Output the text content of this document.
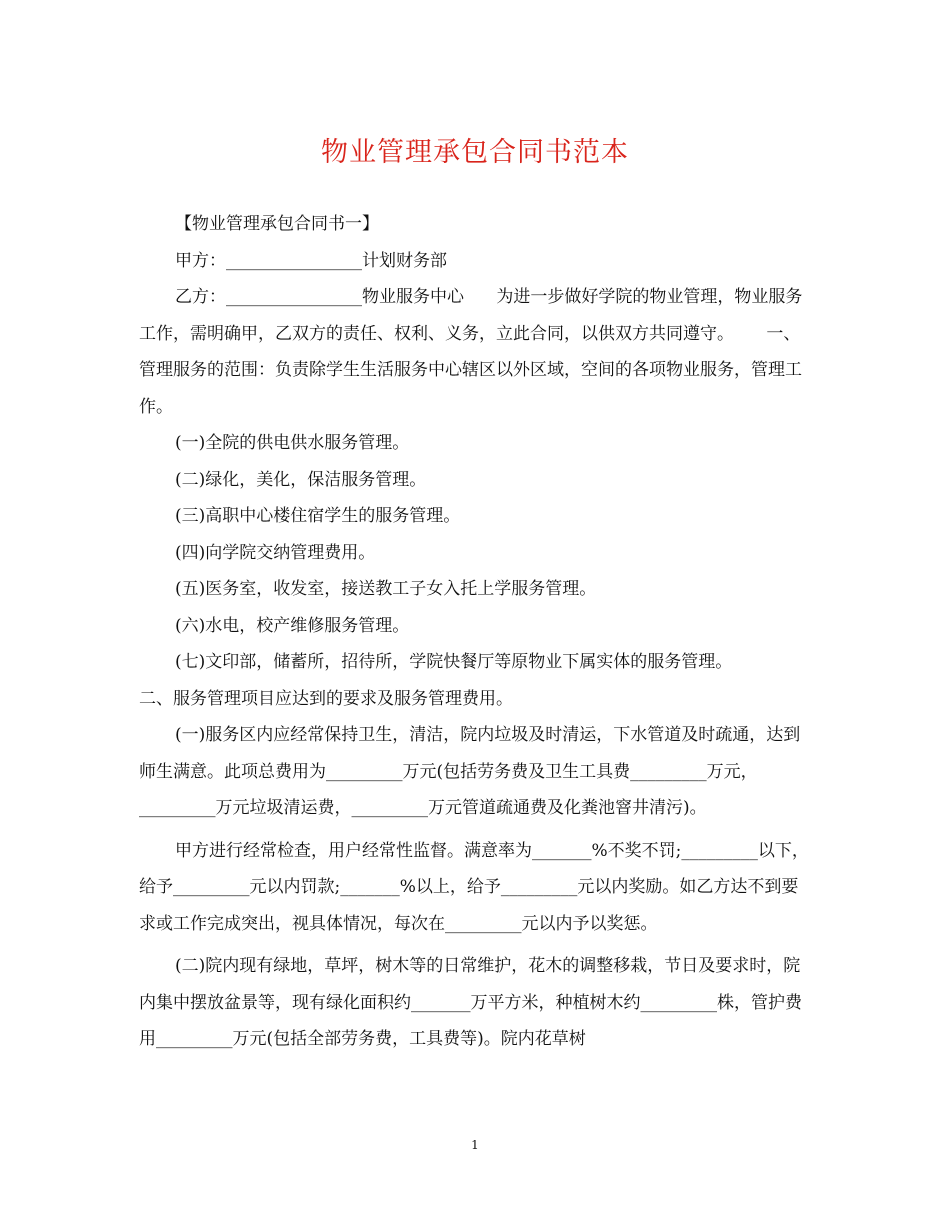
物业管理承包合同书范本

【物业管理承包合同书一】

甲方：________________计划财务部

乙方：________________物业服务中心      为进一步做好学院的物业管理，物业服务工作，需明确甲，乙双方的责任、权利、义务，立此合同，以供双方共同遵守。      一、管理服务的范围：负责除学生生活服务中心辖区以外区域，空间的各项物业服务，管理工作。

(一)全院的供电供水服务管理。

(二)绿化，美化，保洁服务管理。

(三)高职中心楼住宿学生的服务管理。

(四)向学院交纳管理费用。

(五)医务室，收发室，接送教工子女入托上学服务管理。

(六)水电，校产维修服务管理。

(七)文印部，储蓄所，招待所，学院快餐厅等原物业下属实体的服务管理。

二、服务管理项目应达到的要求及服务管理费用。

(一)服务区内应经常保持卫生，清洁，院内垃圾及时清运，下水管道及时疏通，达到师生满意。此项总费用为_________万元(包括劳务费及卫生工具费_________万元，_________万元垃圾清运费，_________万元管道疏通费及化粪池窨井清污)。

甲方进行经常检查，用户经常性监督。满意率为_______%不奖不罚;_________以下，给予_________元以内罚款;_______%以上，给予_________元以内奖励。如乙方达不到要求或工作完成突出，视具体情况，每次在_________元以内予以奖惩。

(二)院内现有绿地，草坪，树木等的日常维护，花木的调整移栽，节日及要求时，院内集中摆放盆景等，现有绿化面积约_______万平方米，种植树木约_________株，管护费用_________万元(包括全部劳务费，工具费等)。院内花草树

1
